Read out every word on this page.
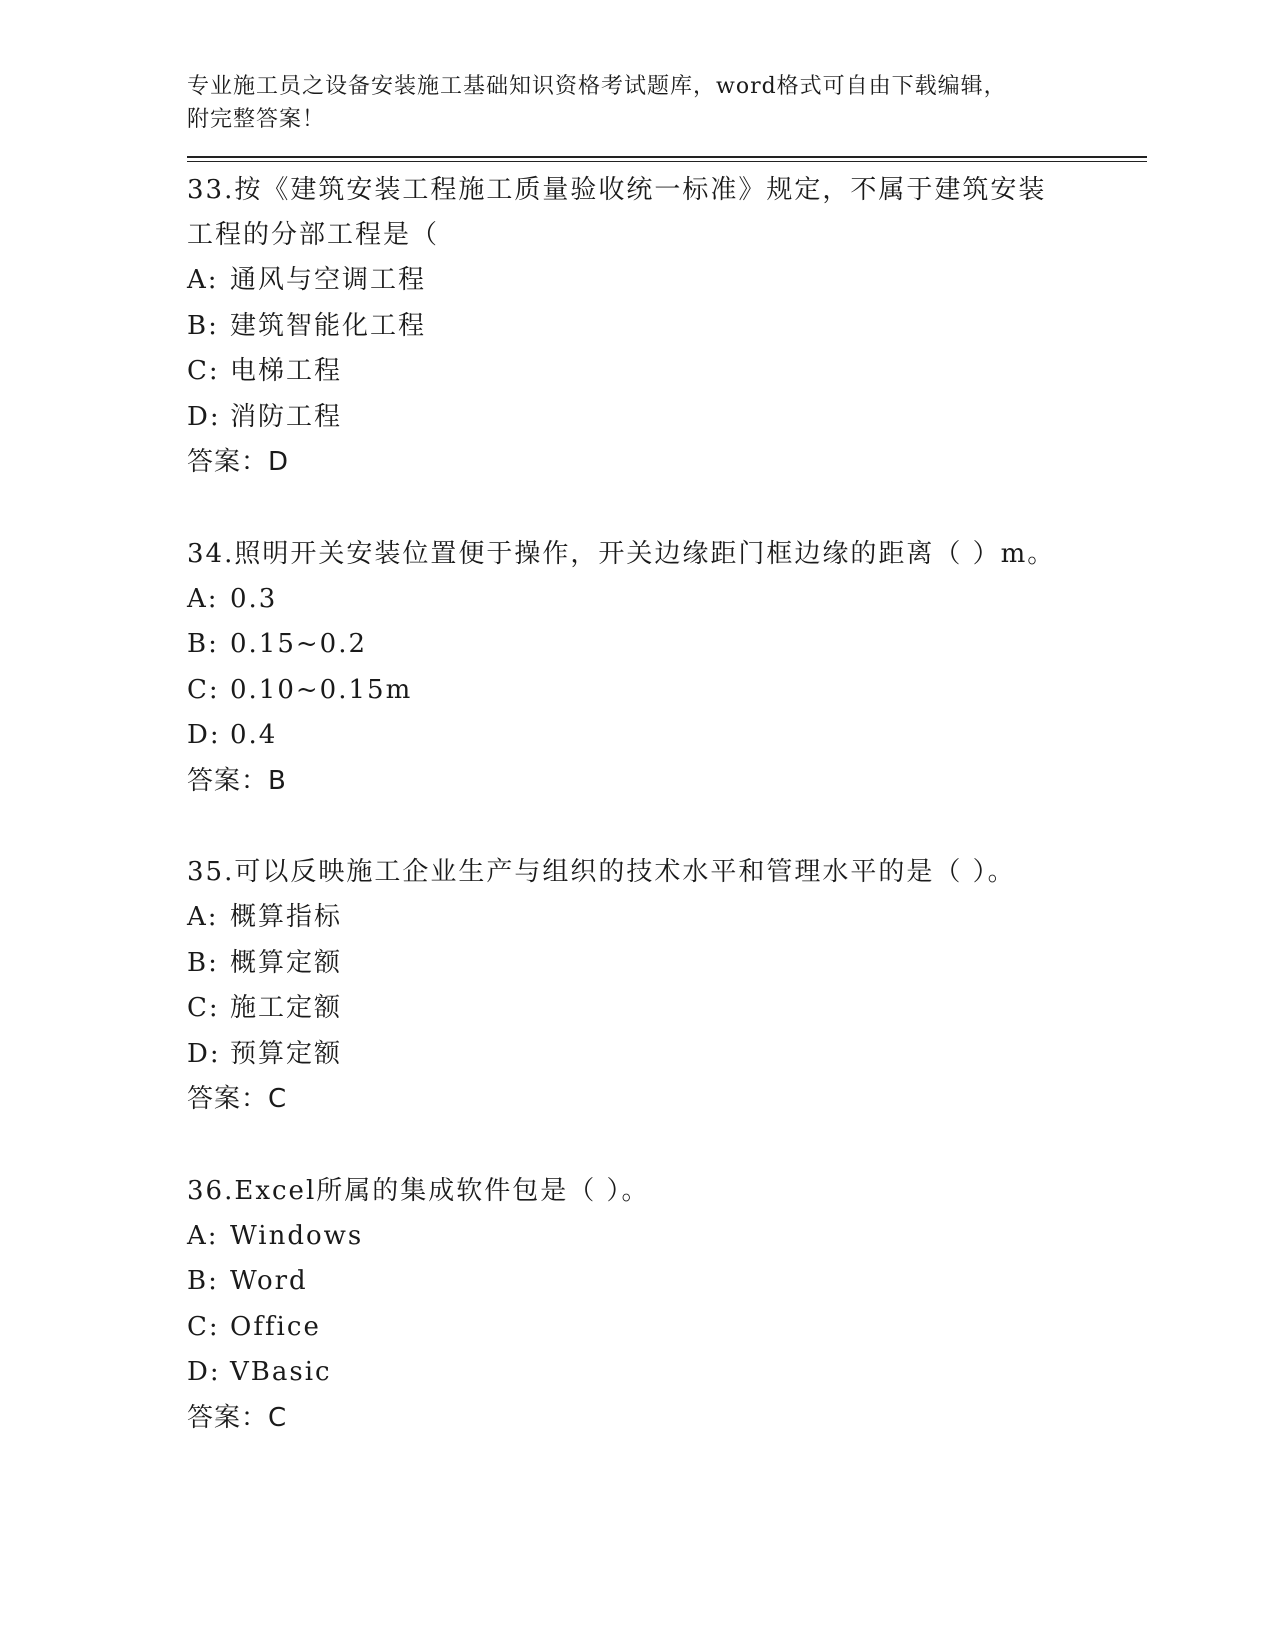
专业施工员之设备安装施工基础知识资格考试题库，word格式可自由下载编辑，
附完整答案！

33.按《建筑安装工程施工质量验收统一标准》规定，不属于建筑安装

工程的分部工程是（

A: 通风与空调工程

B: 建筑智能化工程

C: 电梯工程

D: 消防工程

答案：D

34.照明开关安装位置便于操作，开关边缘距门框边缘的距离（ ）m。

A: 0.3

B: 0.15~0.2

C: 0.10~0.15m

D: 0.4

答案：B

35.可以反映施工企业生产与组织的技术水平和管理水平的是（ ）。

A: 概算指标

B: 概算定额

C: 施工定额

D: 预算定额

答案：C

36.Excel所属的集成软件包是（ ）。

A: Windows

B: Word

C: Office

D: VBasic

答案：C
